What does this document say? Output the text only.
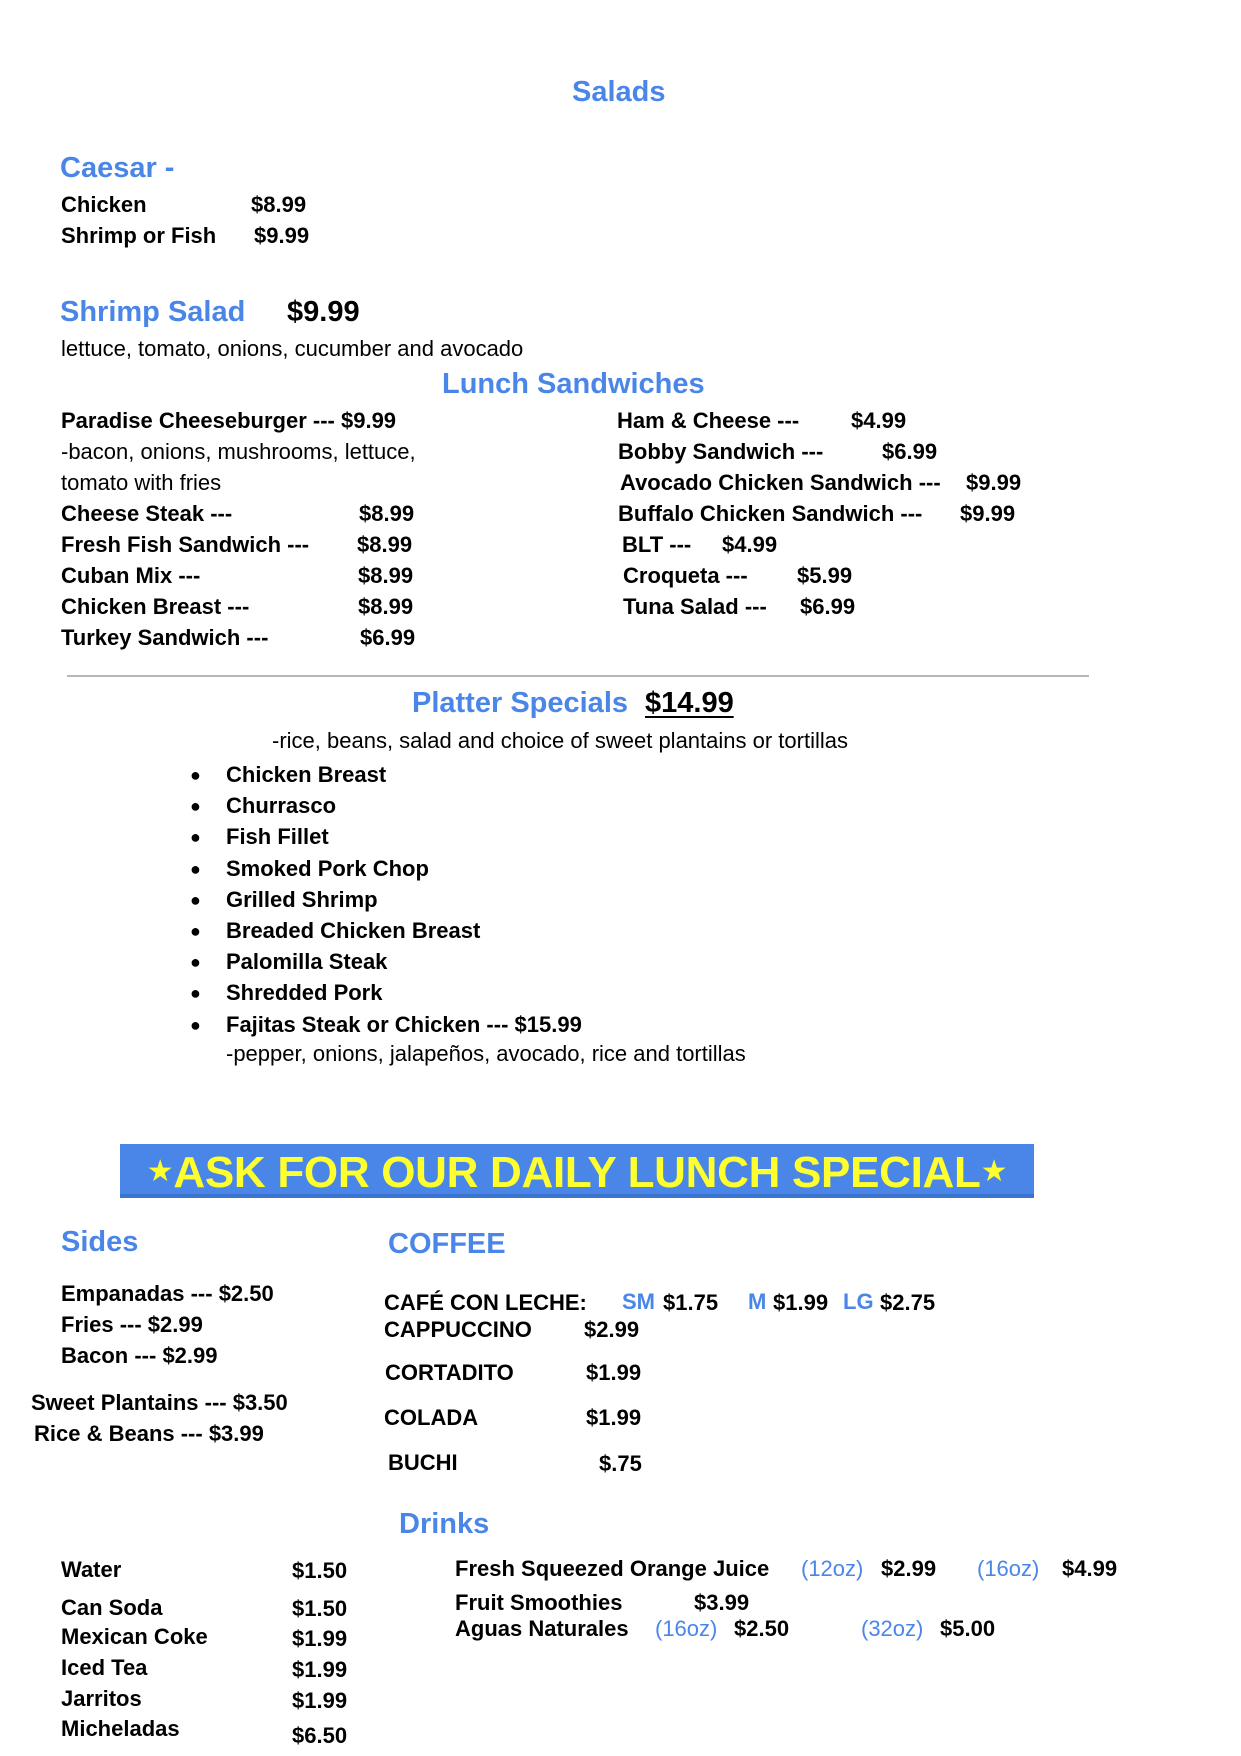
Salads
Caesar -
Chicken	$8.99
Shrimp or Fish $9.99
Shrimp Salad $9.99
lettuce, tomato, onions, cucumber and avocado
Lunch Sandwiches
Paradise Cheeseburger --- $9.99
-bacon, onions, mushrooms, lettuce,
tomato with fries
Cheese Steak ---	$8.99
Fresh Fish Sandwich --- $8.99
Cuban Mix ---	$8.99
Chicken Breast ---	$8.99
Turkey Sandwich ---	$6.99
Ham & Cheese --- $4.99
Bobby Sandwich ---	$6.99
Avocado Chicken Sandwich --- $9.99
Buffalo Chicken Sandwich --- $9.99
BLT --- $4.99
Croqueta --- $5.99
Tuna Salad --- $6.99
Platter Specials $14.99
-rice, beans, salad and choice of sweet plantains or tortillas
● Chicken Breast
● Churrasco
● Fish Fillet
● Smoked Pork Chop
● Grilled Shrimp
● Breaded Chicken Breast
● Palomilla Steak
● Shredded Pork
● Fajitas Steak or Chicken --- $15.99
-pepper, onions, jalapeños, avocado, rice and tortillas
★ASK FOR OUR DAILY LUNCH SPECIAL★
Sides
Empanadas --- $2.50
Fries --- $2.99
Bacon --- $2.99
Sweet Plantains --- $3.50
Rice & Beans --- $3.99
COFFEE
CAFÉ CON LECHE: SM $1.75 M $1.99 LG $2.75
CAPPUCCINO $2.99
CORTADITO	$1.99
COLADA	$1.99
BUCHI	$.75
Drinks
Water	$1.50
Can Soda	$1.50
Mexican Coke	$1.99
Iced Tea	$1.99
Jarritos	$1.99
Micheladas	$6.50
Fresh Squeezed Orange Juice (12oz) $2.99 (16oz) $4.99
Fruit Smoothies	$3.99
Aguas Naturales (16oz) $2.50	(32oz) $5.00
